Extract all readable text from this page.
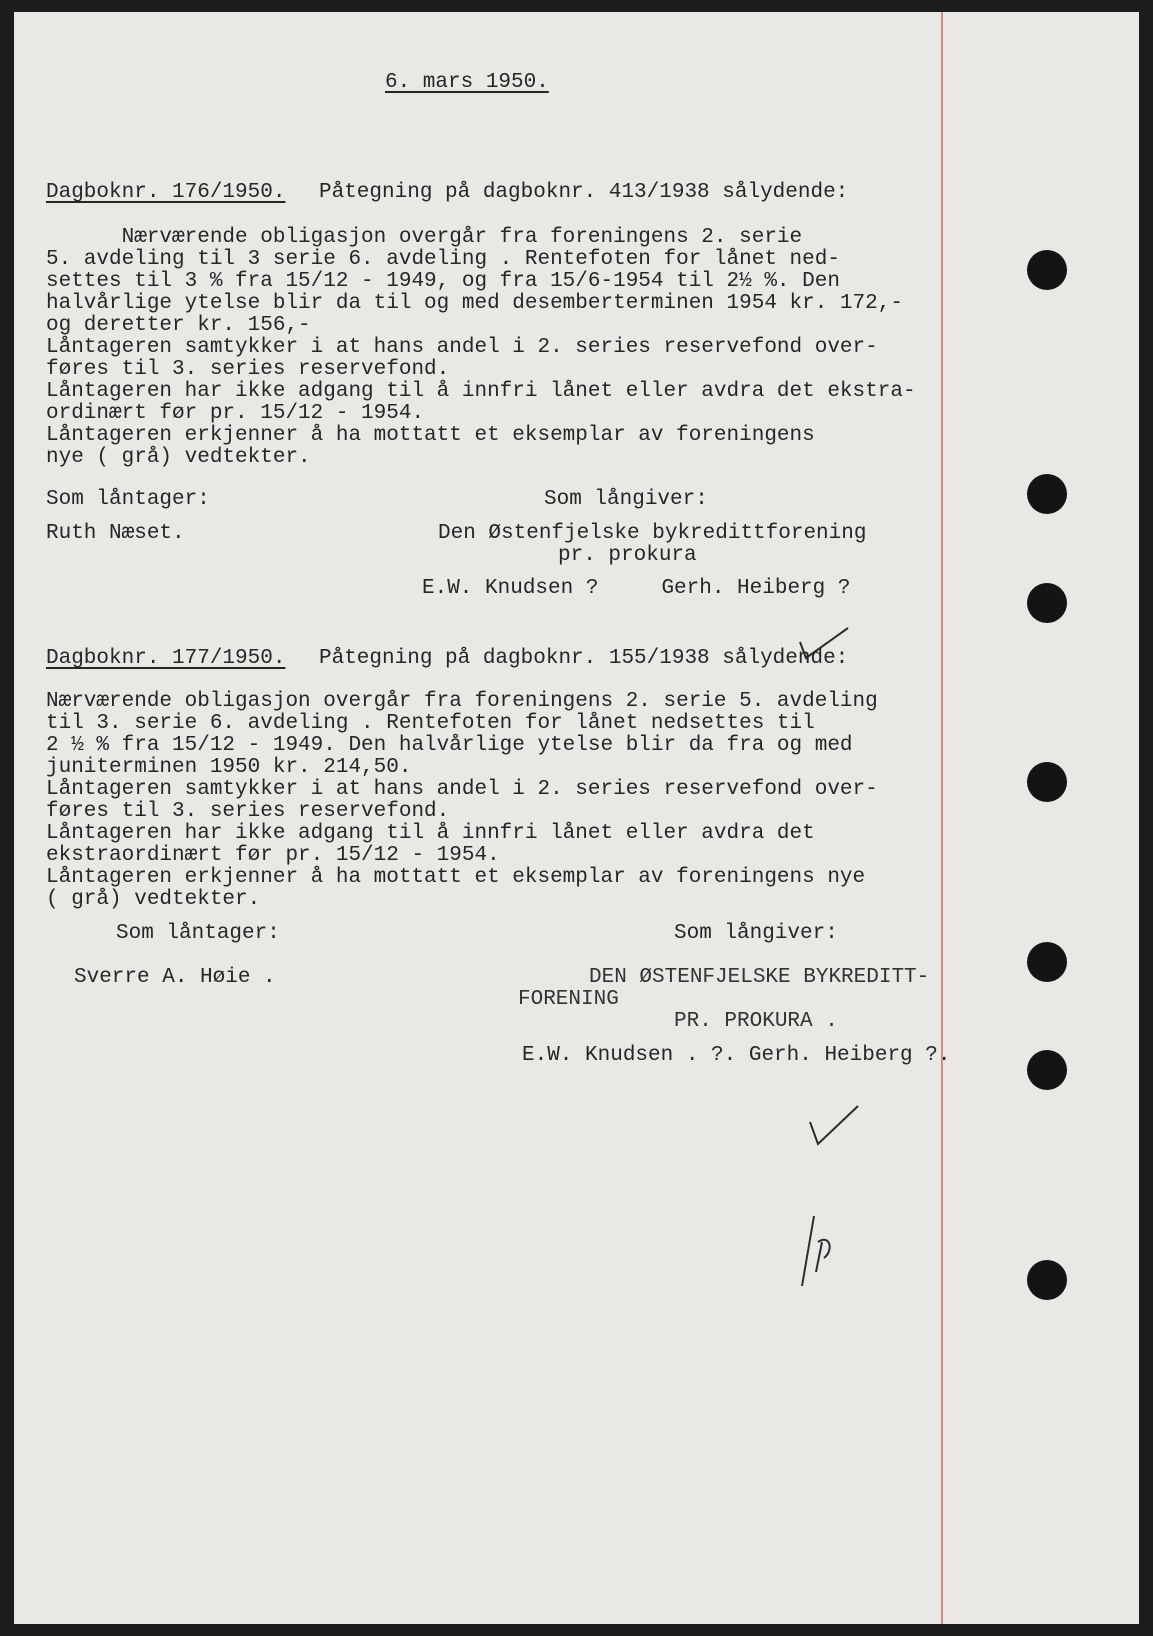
6. mars 1950.

Dagboknr. 176/1950. Påtegning på dagboknr. 413/1938 sålydende:

Nærværende obligasjon overgår fra foreningens 2. serie

5. avdeling til 3 serie 6. avdeling . Rentefoten for lånet ned-

settes til 3 % fra 15/12 - 1949, og fra 15/6-1954 til 2½ %. Den

halvårlige ytelse blir da til og med desemberterminen 1954 kr. 172,-

og deretter kr. 156,-

Låntageren samtykker i at hans andel i 2. series reservefond over-

føres til 3. series reservefond.

Låntageren har ikke adgang til å innfri lånet eller avdra det ekstra-

ordinært før pr. 15/12 - 1954.

Låntageren erkjenner å ha mottatt et eksemplar av foreningens

nye ( grå) vedtekter.

Som låntager:	Som långiver:

Ruth Næset.	Den Østenfjelske bykredittforening

pr. prokura

E.W. Knudsen ?     Gerh. Heiberg ?

Dagboknr. 177/1950. Påtegning på dagboknr. 155/1938 sålydende:

Nærværende obligasjon overgår fra foreningens 2. serie 5. avdeling

til 3. serie 6. avdeling . Rentefoten for lånet nedsettes til

2 ½ % fra 15/12 - 1949. Den halvårlige ytelse blir da fra og med

juniterminen 1950 kr. 214,50.

Låntageren samtykker i at hans andel i 2. series reservefond over-

føres til 3. series reservefond.

Låntageren har ikke adgang til å innfri lånet eller avdra det

ekstraordinært før pr. 15/12 - 1954.

Låntageren erkjenner å ha mottatt et eksemplar av foreningens nye

( grå) vedtekter.

Som låntager:	Som långiver:

Sverre A. Høie .	DEN ØSTENFJELSKE BYKREDITT-

FORENING

PR. PROKURA .

E.W. Knudsen . ?. Gerh. Heiberg ?.
